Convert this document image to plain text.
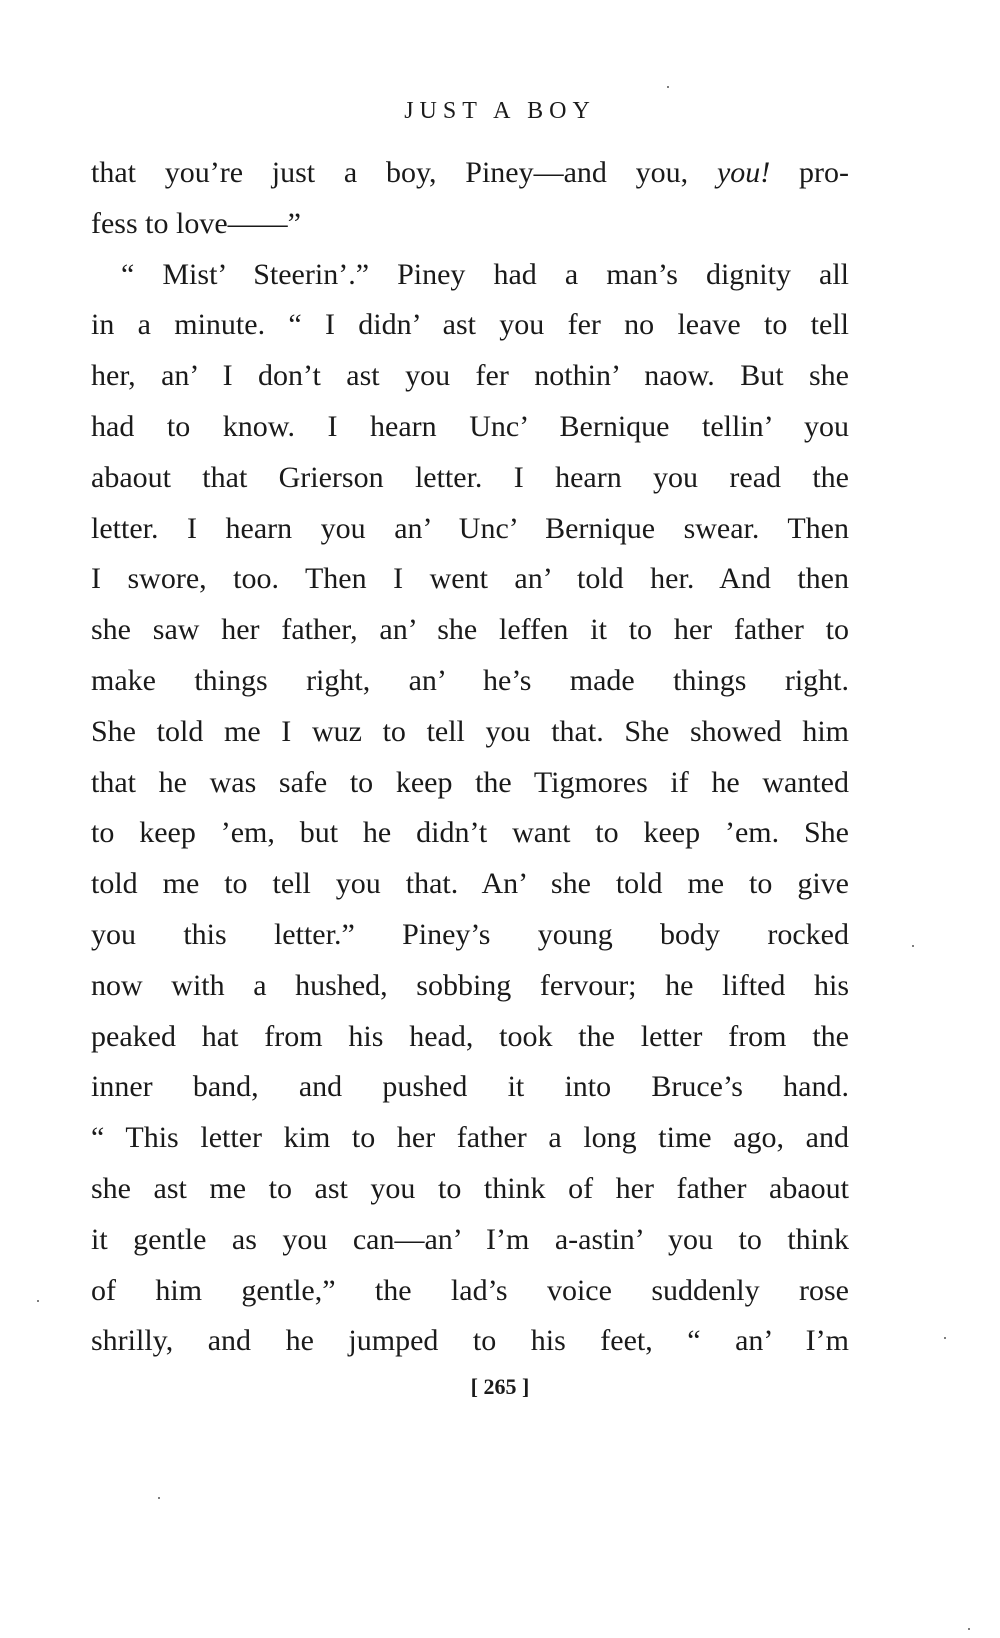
JUST A BOY
that you’re just a boy, Piney—and you, you! pro-
fess to love——”
“ Mist’ Steerin’.” Piney had a man’s dignity all
in a minute. “ I didn’ ast you fer no leave to tell
her, an’ I don’t ast you fer nothin’ naow. But she
had to know. I hearn Unc’ Bernique tellin’ you
abaout that Grierson letter. I hearn you read the
letter. I hearn you an’ Unc’ Bernique swear. Then
I swore, too. Then I went an’ told her. And then
she saw her father, an’ she leffen it to her father to
make things right, an’ he’s made things right.
She told me I wuz to tell you that. She showed him
that he was safe to keep the Tigmores if he wanted
to keep ’em, but he didn’t want to keep ’em. She
told me to tell you that. An’ she told me to give
you this letter.” Piney’s young body rocked
now with a hushed, sobbing fervour; he lifted his
peaked hat from his head, took the letter from the
inner band, and pushed it into Bruce’s hand.
“ This letter kim to her father a long time ago, and
she ast me to ast you to think of her father abaout
it gentle as you can—an’ I’m a-astin’ you to think
of him gentle,” the lad’s voice suddenly rose
shrilly, and he jumped to his feet, “ an’ I’m
[ 265 ]
